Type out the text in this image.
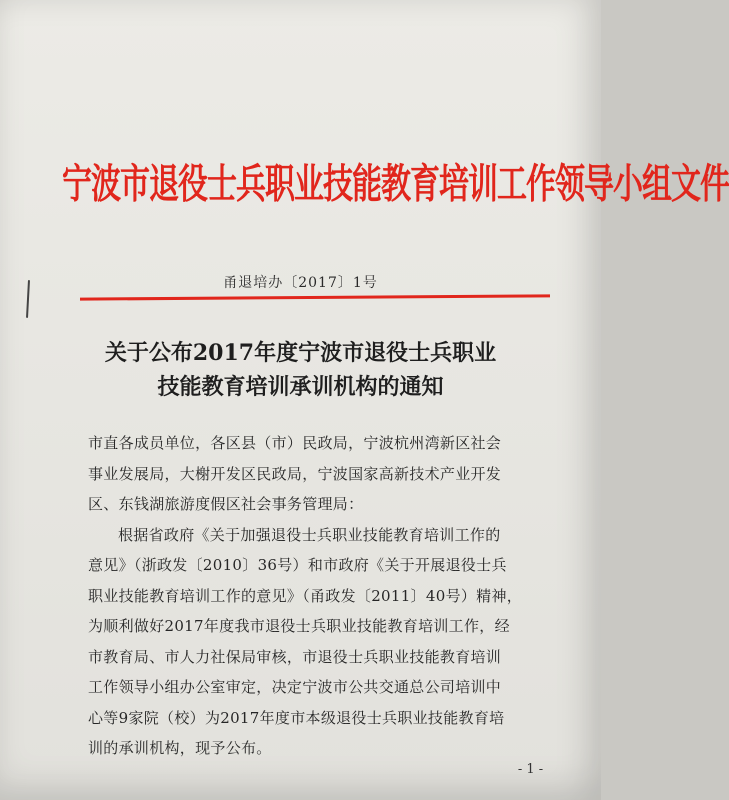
宁波市退役士兵职业技能教育培训工作领导小组文件
甬退培办〔2017〕1号
关于公布2017年度宁波市退役士兵职业
技能教育培训承训机构的通知
市直各成员单位，各区县（市）民政局，宁波杭州湾新区社会
事业发展局，大榭开发区民政局，宁波国家高新技术产业开发
区、东钱湖旅游度假区社会事务管理局：
根据省政府《关于加强退役士兵职业技能教育培训工作的
意见》（浙政发〔2010〕36号）和市政府《关于开展退役士兵
职业技能教育培训工作的意见》（甬政发〔2011〕40号）精神，
为顺利做好2017年度我市退役士兵职业技能教育培训工作，经
市教育局、市人力社保局审核，市退役士兵职业技能教育培训
工作领导小组办公室审定，决定宁波市公共交通总公司培训中
心等9家院（校）为2017年度市本级退役士兵职业技能教育培
训的承训机构，现予公布。
- 1 -
